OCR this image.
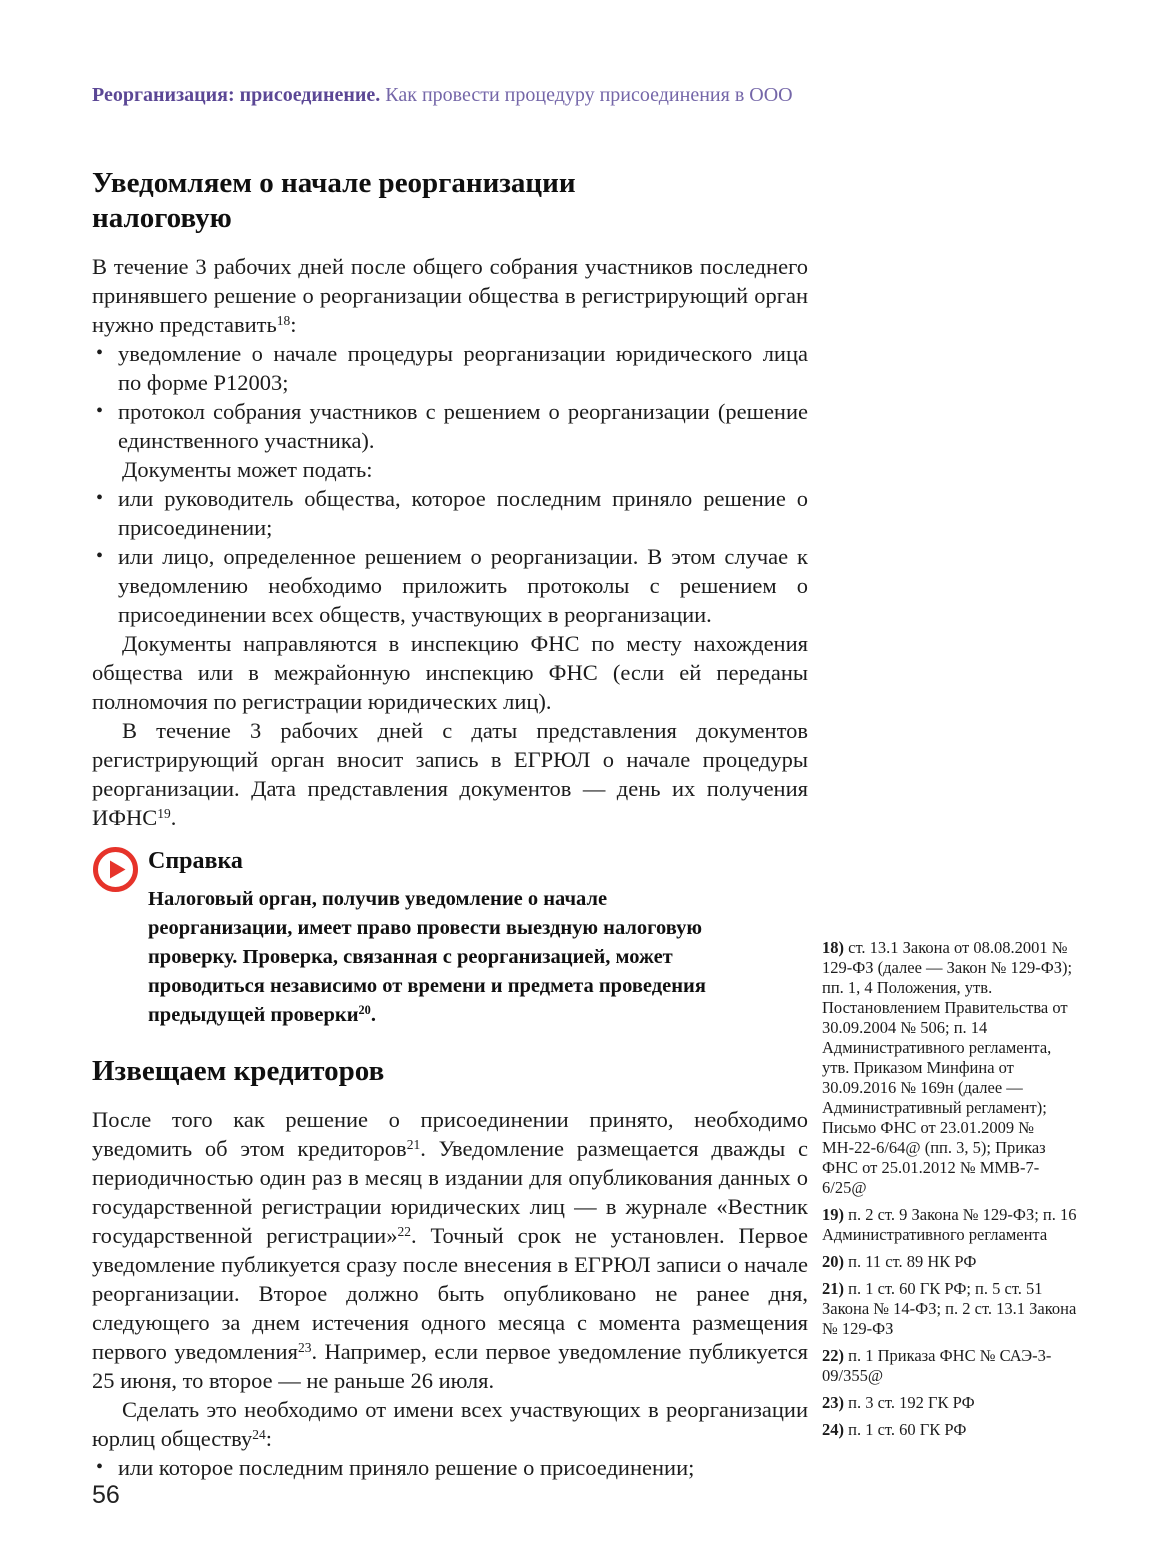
Реорганизация: присоединение. Как провести процедуру присоединения в ООО
Уведомляем о начале реорганизации налоговую

В течение 3 рабочих дней после общего собрания участников последнего принявшего решение о реорганизации общества в регистрирующий орган нужно представить$^{18}$:

• уведомление о начале процедуры реорганизации юридического лица по форме Р12003;
• протокол собрания участников с решением о реорганизации (решение единственного участника).

Документы может подать:

• или руководитель общества, которое последним приняло решение о присоединении;
• или лицо, определенное решением о реорганизации. В этом случае к уведомлению необходимо приложить протоколы с решением о присоединении всех обществ, участвующих в реорганизации.

Документы направляются в инспекцию ФНС по месту нахождения общества или в межрайонную инспекцию ФНС (если ей переданы полномочия по регистрации юридических лиц).

В течение 3 рабочих дней с даты представления документов регистрирующий орган вносит запись в ЕГРЮЛ о начале процедуры реорганизации. Дата представления документов — день их получения ИФНС$^{19}$.

Справка

Налоговый орган, получив уведомление о начале реорганизации, имеет право провести выездную налоговую проверку. Проверка, связанная с реорганизацией, может проводиться независимо от времени и предмета проведения предыдущей проверки$^{20}$.

Извещаем кредиторов

После того как решение о присоединении принято, необходимо уведомить об этом кредиторов$^{21}$. Уведомление размещается дважды с периодичностью один раз в месяц в издании для опубликования данных о государственной регистрации юридических лиц — в журнале «Вестник государственной регистрации»$^{22}$. Точный срок не установлен. Первое уведомление публикуется сразу после внесения в ЕГРЮЛ записи о начале реорганизации. Второе должно быть опубликовано не ранее дня, следующего за днем истечения одного месяца с момента размещения первого уведомления$^{23}$. Например, если первое уведомление публикуется 25 июня, то второе — не раньше 26 июля.

Сделать это необходимо от имени всех участвующих в реорганизации юрлиц обществу$^{24}$:

• или которое последним приняло решение о присоединении;
18) ст. 13.1 Закона от 08.08.2001 № 129-ФЗ (далее — Закон № 129-ФЗ); пп. 1, 4 Положения, утв. Постановлением Правительства от 30.09.2004 № 506; п. 14 Административного регламента, утв. Приказом Минфина от 30.09.2016 № 169н (далее — Административный регламент); Письмо ФНС от 23.01.2009 № МН-22-6/64@ (пп. 3, 5); Приказ ФНС от 25.01.2012 № ММВ-7-6/25@
19) п. 2 ст. 9 Закона № 129-ФЗ; п. 16 Административного регламента
20) п. 11 ст. 89 НК РФ
21) п. 1 ст. 60 ГК РФ; п. 5 ст. 51 Закона № 14-ФЗ; п. 2 ст. 13.1 Закона № 129-ФЗ
22) п. 1 Приказа ФНС № САЭ-3-09/355@
23) п. 3 ст. 192 ГК РФ
24) п. 1 ст. 60 ГК РФ
56
